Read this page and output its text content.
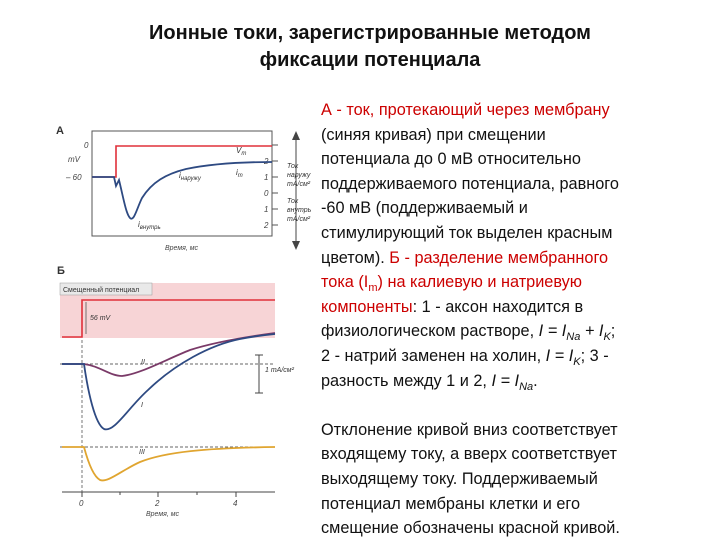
Ионные токи, зарегистрированные методом
фиксации потенциала
А
mV
0
– 60
2
1
0
1
2
$V_m$
$i_{наружу}$
$i_m$
$i_{внутрь}$
Время, мс
Ток наружу mA/см²
Ток внутрь mA/см²
Б
Смещенный потенциал
56 mV
II
I
III
1 mA/см²
0	2	4
Время, мс
А - ток, протекающий через мембрану
(синяя кривая) при смещении
потенциала до 0 мВ относительно
поддерживаемого потенциала, равного
-60 мВ (поддерживаемый и
стимулирующий ток выделен красным
цветом). Б - разделение мембранного
тока $(I_m)$ на калиевую и натриевую
компоненты: 1 - аксон находится в
физиологическом растворе, $I = I_{Na} + I_K$;
2 - натрий заменен на холин, $I = I_K$; 3 -
разность между 1 и 2, $I = I_{Na}$.
Отклонение кривой вниз соответствует
входящему току, а вверх соответствует
выходящему току. Поддерживаемый
потенциал мембраны клетки и его
смещение обозначены красной кривой.
